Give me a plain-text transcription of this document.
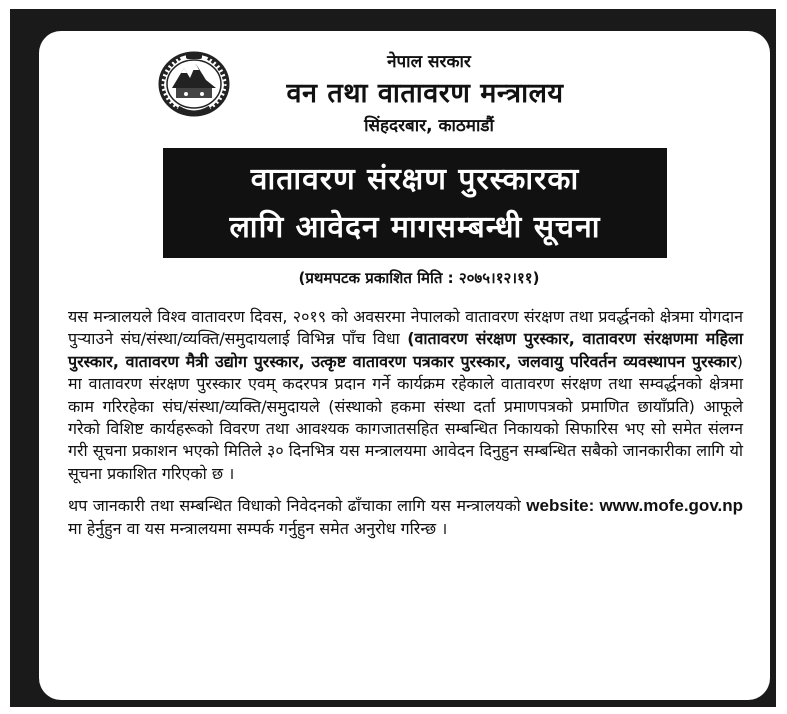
नेपाल सरकार
वन तथा वातावरण मन्त्रालय
सिंहदरबार, काठमाडौं
वातावरण संरक्षण पुरस्कारका
लागि आवेदन मागसम्बन्धी सूचना
(प्रथमपटक प्रकाशित मिति : २०७५।१२।११)

यस मन्त्रालयले विश्व वातावरण दिवस, २०१९ को अवसरमा नेपालको वातावरण संरक्षण तथा प्रवर्द्धनको क्षेत्रमा योगदान पुर्‍याउने संघ/संस्था/व्यक्ति/समुदायलाई विभिन्न पाँच विधा (वातावरण संरक्षण पुरस्कार, वातावरण संरक्षणमा महिला पुरस्कार, वातावरण मैत्री उद्योग पुरस्कार, उत्कृष्ट वातावरण पत्रकार पुरस्कार, जलवायु परिवर्तन व्यवस्थापन पुरस्कार) मा वातावरण संरक्षण पुरस्कार एवम् कदरपत्र प्रदान गर्ने कार्यक्रम रहेकाले वातावरण संरक्षण तथा सम्वर्द्धनको क्षेत्रमा काम गरिरहेका संघ/संस्था/व्यक्ति/समुदायले (संस्थाको हकमा संस्था दर्ता प्रमाणपत्रको प्रमाणित छायाँप्रति) आफूले गरेको विशिष्ट कार्यहरूको विवरण तथा आवश्यक कागजातसहित सम्बन्धित निकायको सिफारिस भए सो समेत संलग्न गरी सूचना प्रकाशन भएको मितिले ३० दिनभित्र यस मन्त्रालयमा आवेदन दिनुहुन सम्बन्धित सबैको जानकारीका लागि यो सूचना प्रकाशित गरिएको छ ।

थप जानकारी तथा सम्बन्धित विधाको निवेदनको ढाँचाका लागि यस मन्त्रालयको website: www.mofe.gov.np मा हेर्नुहुन वा यस मन्त्रालयमा सम्पर्क गर्नुहुन समेत अनुरोध गरिन्छ ।
